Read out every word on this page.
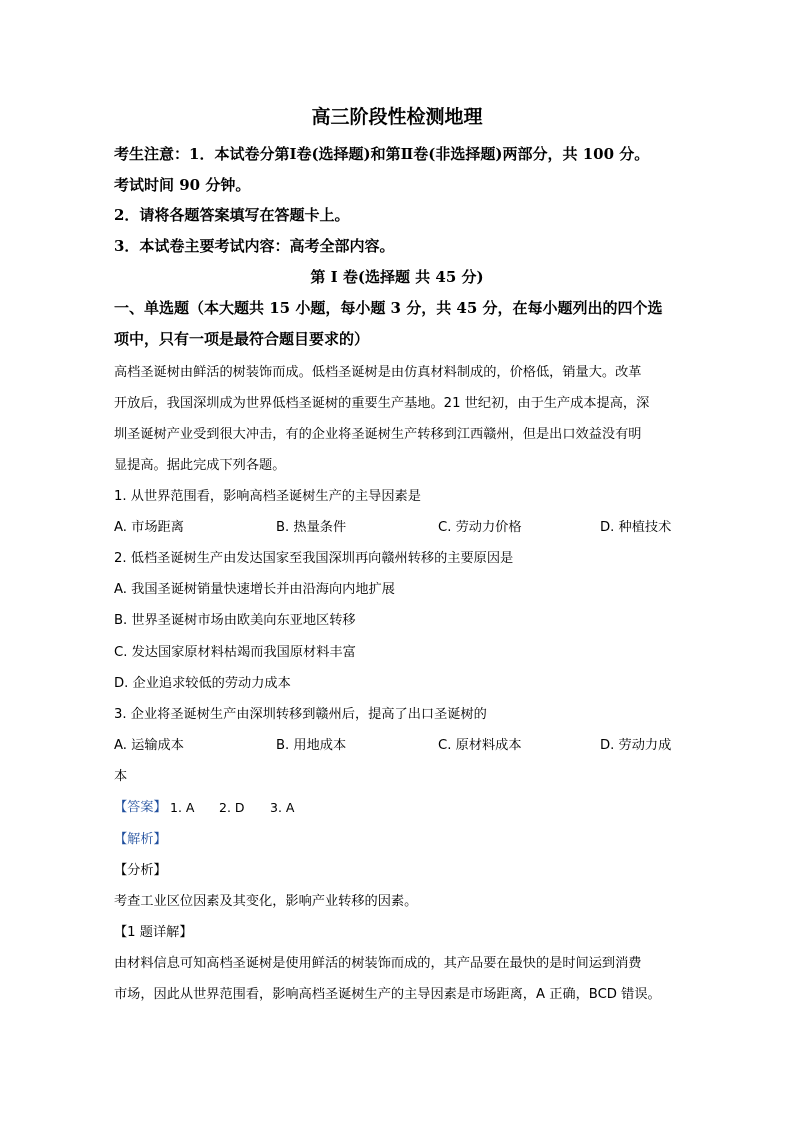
高三阶段性检测地理
考生注意：1．本试卷分第Ⅰ卷(选择题)和第Ⅱ卷(非选择题)两部分，共 100 分。
考试时间 90 分钟。
2．请将各题答案填写在答题卡上。
3．本试卷主要考试内容：高考全部内容。
第 Ⅰ 卷(选择题 共 45 分)
一、单选题（本大题共 15 小题，每小题 3 分，共 45 分，在每小题列出的四个选
项中，只有一项是最符合题目要求的）
高档圣诞树由鲜活的树装饰而成。低档圣诞树是由仿真材料制成的，价格低，销量大。改革
开放后，我国深圳成为世界低档圣诞树的重要生产基地。21 世纪初，由于生产成本提高，深
圳圣诞树产业受到很大冲击，有的企业将圣诞树生产转移到江西赣州，但是出口效益没有明
显提高。据此完成下列各题。
1. 从世界范围看，影响高档圣诞树生产的主导因素是
A. 市场距离	B. 热量条件	C. 劳动力价格	D. 种植技术
2. 低档圣诞树生产由发达国家至我国深圳再向赣州转移的主要原因是
A. 我国圣诞树销量快速增长并由沿海向内地扩展
B. 世界圣诞树市场由欧美向东亚地区转移
C. 发达国家原材料枯竭而我国原材料丰富
D. 企业追求较低的劳动力成本
3. 企业将圣诞树生产由深圳转移到赣州后，提高了出口圣诞树的
A. 运输成本	B. 用地成本	C. 原材料成本	D. 劳动力成
本
【答案】 1. A 2. D 3. A
【解析】
【分析】
考查工业区位因素及其变化，影响产业转移的因素。
【1 题详解】
由材料信息可知高档圣诞树是使用鲜活的树装饰而成的，其产品要在最快的是时间运到消费
市场，因此从世界范围看，影响高档圣诞树生产的主导因素是市场距离，A 正确，BCD 错误。
